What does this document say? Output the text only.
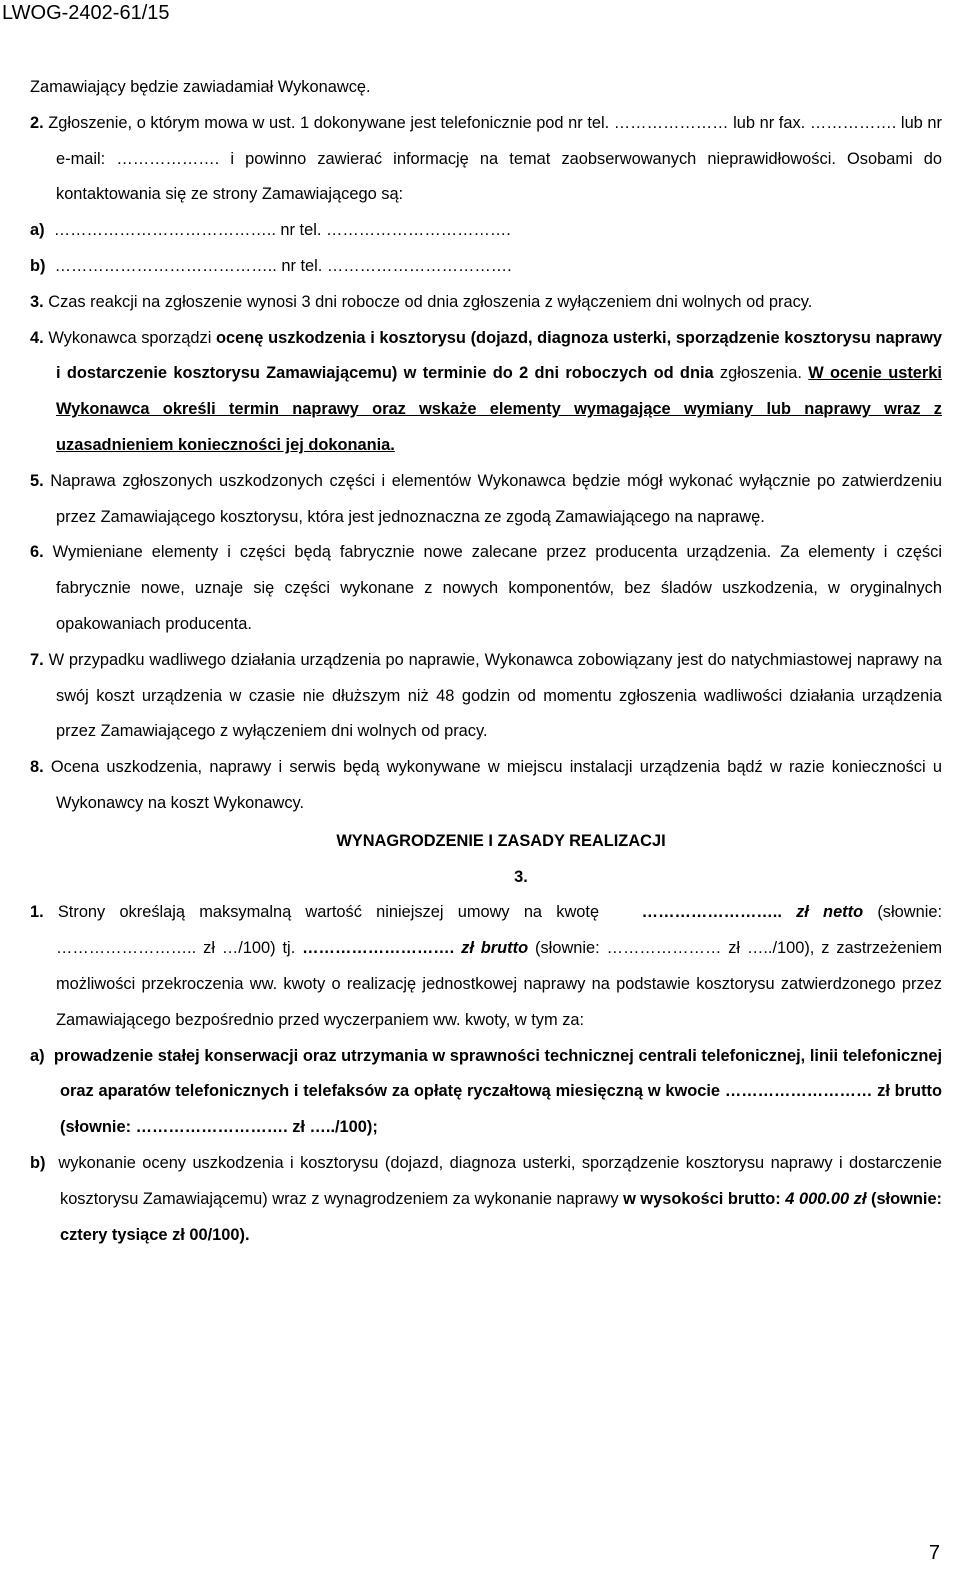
LWOG-2402-61/15

Zamawiający będzie zawiadamiał Wykonawcę.

2. Zgłoszenie, o którym mowa w ust. 1 dokonywane jest telefonicznie pod nr tel. ………………… lub nr fax. ……………. lub nr e-mail: ………………. i powinno zawierać informację na temat zaobserwowanych nieprawidłowości. Osobami do kontaktowania się ze strony Zamawiającego są:

a) ………………………………….. nr tel. …………………………….

b) ………………………………….. nr tel. …………………………….

3. Czas reakcji na zgłoszenie wynosi 3 dni robocze od dnia zgłoszenia z wyłączeniem dni wolnych od pracy.

4. Wykonawca sporządzi ocenę uszkodzenia i kosztorysu (dojazd, diagnoza usterki, sporządzenie kosztorysu naprawy i dostarczenie kosztorysu Zamawiającemu) w terminie do 2 dni roboczych od dnia zgłoszenia. W ocenie usterki Wykonawca określi termin naprawy oraz wskaże elementy wymagające wymiany lub naprawy wraz z uzasadnieniem konieczności jej dokonania.

5. Naprawa zgłoszonych uszkodzonych części i elementów Wykonawca będzie mógł wykonać wyłącznie po zatwierdzeniu przez Zamawiającego kosztorysu, która jest jednoznaczna ze zgodą Zamawiającego na naprawę.

6. Wymieniane elementy i części będą fabrycznie nowe zalecane przez producenta urządzenia. Za elementy i części fabrycznie nowe, uznaje się części wykonane z nowych komponentów, bez śladów uszkodzenia, w oryginalnych opakowaniach producenta.

7. W przypadku wadliwego działania urządzenia po naprawie, Wykonawca zobowiązany jest do natychmiastowej naprawy na swój koszt urządzenia w czasie nie dłuższym niż 48 godzin od momentu zgłoszenia wadliwości działania urządzenia przez Zamawiającego z wyłączeniem dni wolnych od pracy.

8. Ocena uszkodzenia, naprawy i serwis będą wykonywane w miejscu instalacji urządzenia bądź w razie konieczności u Wykonawcy na koszt Wykonawcy.

WYNAGRODZENIE I ZASADY REALIZACJI

3.

1. Strony określają maksymalną wartość niniejszej umowy na kwotę	…………………….. zł netto (słownie: …………………….. zł …/100) tj. ………………………. zł brutto (słownie: ………………… zł …../100), z zastrzeżeniem możliwości przekroczenia ww. kwoty o realizację jednostkowej naprawy na podstawie kosztorysu zatwierdzonego przez Zamawiającego bezpośrednio przed wyczerpaniem ww. kwoty, w tym za:

a) prowadzenie stałej konserwacji oraz utrzymania w sprawności technicznej centrali telefonicznej, linii telefonicznej oraz aparatów telefonicznych i telefaksów za opłatę ryczałtową miesięczną w kwocie ……………………… zł brutto (słownie: ………………………. zł …../100);

b) wykonanie oceny uszkodzenia i kosztorysu (dojazd, diagnoza usterki, sporządzenie kosztorysu naprawy i dostarczenie kosztorysu Zamawiającemu) wraz z wynagrodzeniem za wykonanie naprawy w wysokości brutto: 4 000.00 zł (słownie: cztery tysiące zł 00/100).

7
